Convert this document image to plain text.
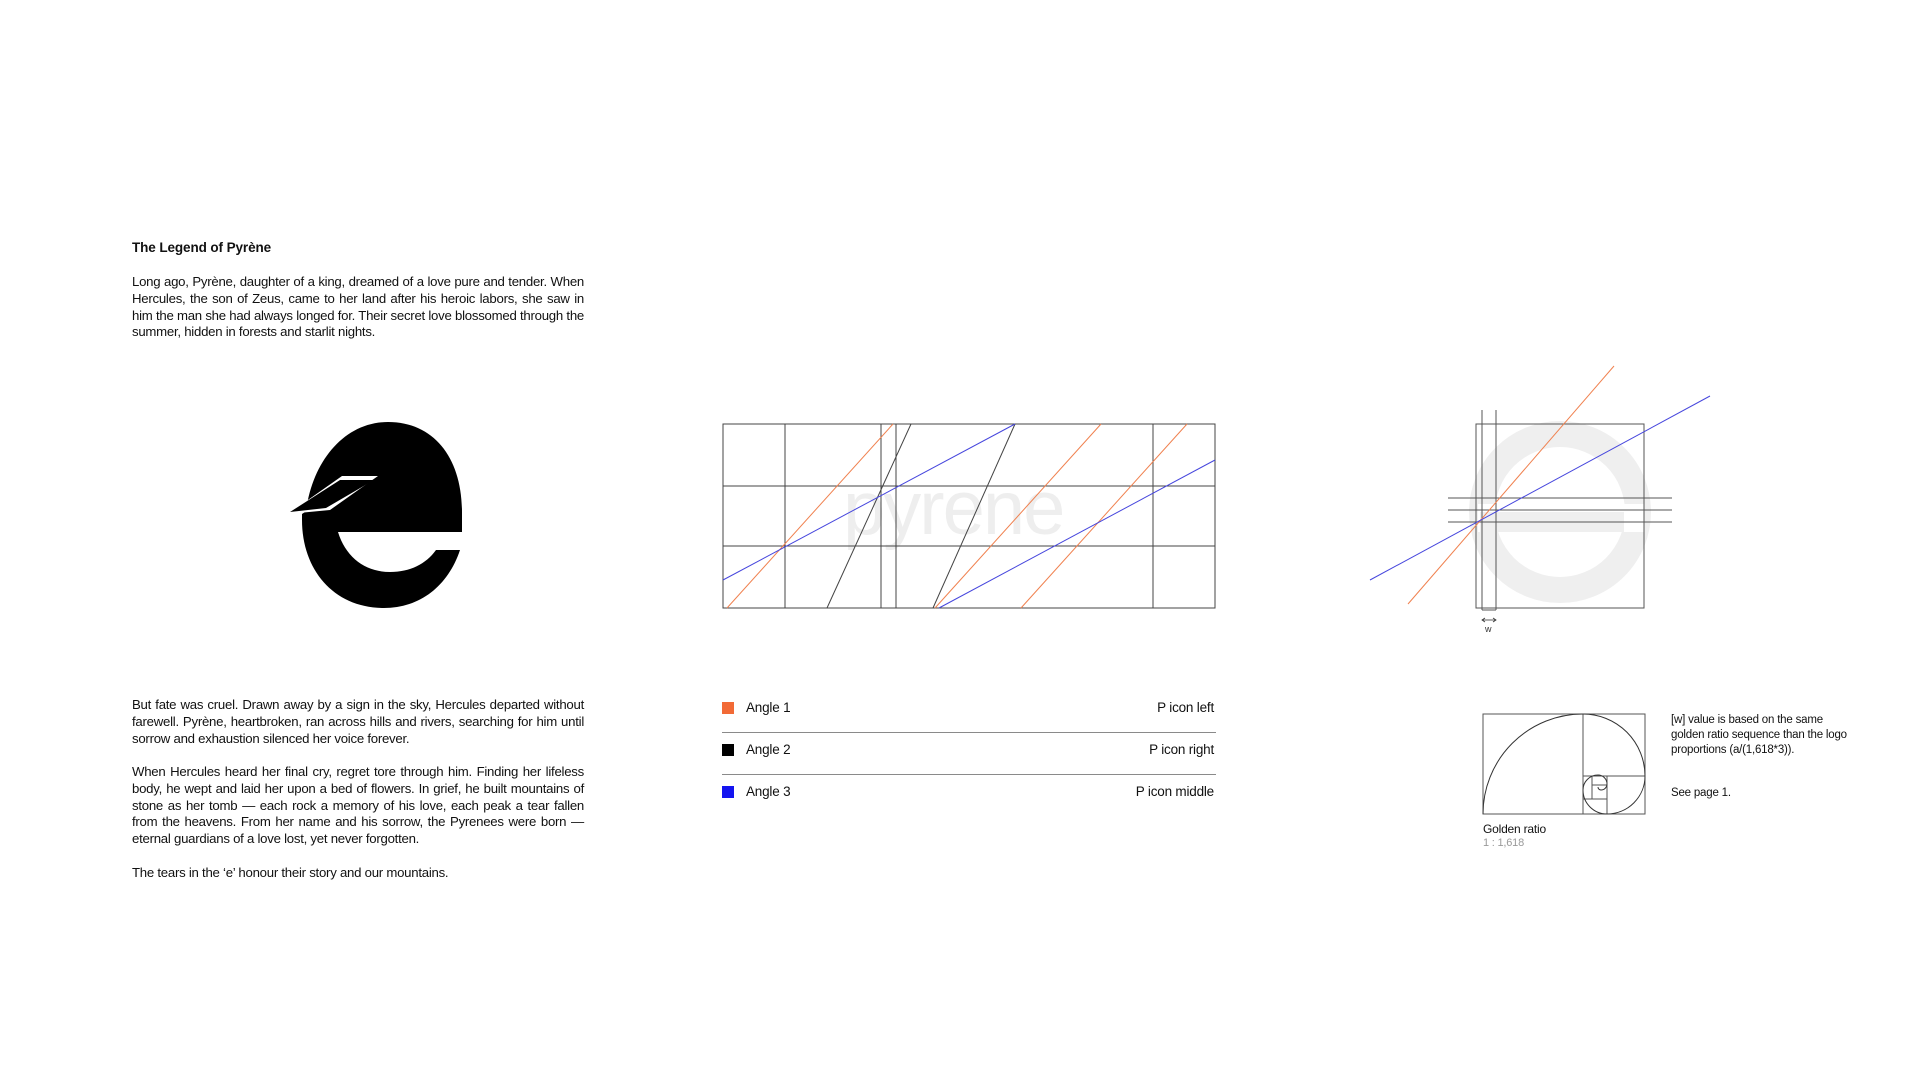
The Legend of Pyrène
Long ago, Pyrène, daughter of a king, dreamed of a love pure and tender. When Hercules, the son of Zeus, came to her land after his heroic labors, she saw in him the man she had always longed for. Their secret love blossomed through the summer, hidden in forests and starlit nights.
But fate was cruel. Drawn away by a sign in the sky, Hercules departed without farewell. Pyrène, heartbroken, ran across hills and rivers, searching for him until sorrow and exhaustion silenced her voice forever.
When Hercules heard her final cry, regret tore through him. Finding her lifeless body, he wept and laid her upon a bed of flowers. In grief, he built mountains of stone as her tomb — each rock a memory of his love, each peak a tear fallen from the heavens. From her name and his sorrow, the Pyrenees were born — eternal guardians of a love lost, yet never forgotten.
The tears in the ‘e’ honour their story and our mountains.
pyrene
w
Angle 1	P icon left
Angle 2	P icon right
Angle 3	P icon middle
Golden ratio
1 : 1,618
[w] value is based on the same golden ratio sequence than the logo proportions (a/(1,618*3)).
See page 1.
